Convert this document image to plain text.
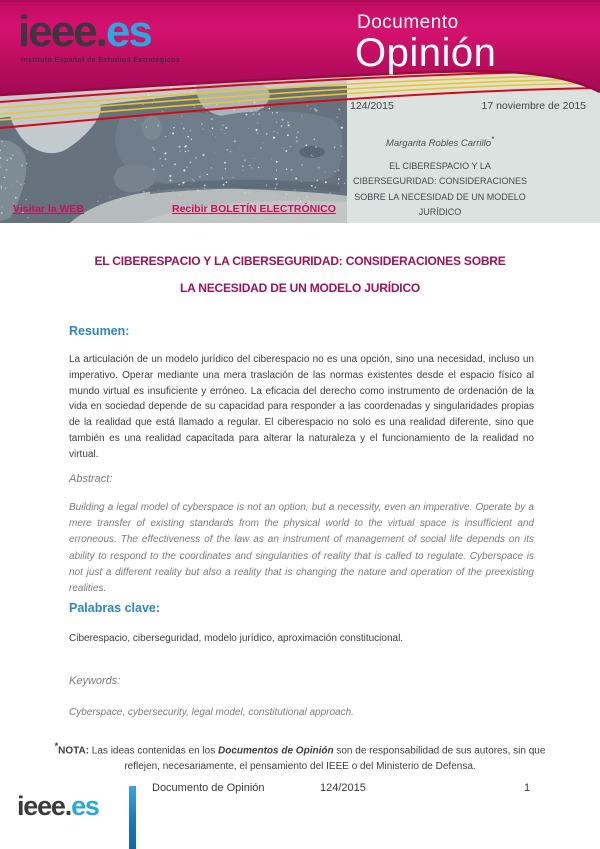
ieee.es
Instituto Español de Estudios Estratégicos
Documento
Opinión
Visitar la WEB	Recibir BOLETÍN ELECTRÓNICO
124/2015	17 noviembre de 2015
Margarita Robles Carrillo*
EL CIBERESPACIO Y LA
CIBERSEGURIDAD: CONSIDERACIONES
SOBRE LA NECESIDAD DE UN MODELO
JURÍDICO
EL CIBERESPACIO Y LA CIBERSEGURIDAD: CONSIDERACIONES SOBRE
LA NECESIDAD DE UN MODELO JURÍDICO
Resumen:
La articulación de un modelo jurídico del ciberespacio no es una opción, sino una necesidad, incluso un imperativo. Operar mediante una mera traslación de las normas existentes desde el espacio físico al mundo virtual es insuficiente y erróneo. La eficacia del derecho como instrumento de ordenación de la vida en sociedad depende de su capacidad para responder a las coordenadas y singularidades propias de la realidad que está llamado a regular. El ciberespacio no solo es una realidad diferente, sino que también es una realidad capacitada para alterar la naturaleza y el funcionamiento de la realidad no virtual.
Abstract:
Building a legal model of cyberspace is not an option, but a necessity, even an imperative. Operate by a mere transfer of existing standards from the physical world to the virtual space is insufficient and erroneous. The effectiveness of the law as an instrument of management of social life depends on its ability to respond to the coordinates and singularities of reality that is called to regulate. Cyberspace is not just a different reality but also a reality that is changing the nature and operation of the preexisting realities.
Palabras clave:
Ciberespacio, ciberseguridad, modelo jurídico, aproximación constitucional.
Keywords:
Cyberspace, cybersecurity, legal model, constitutional approach.
*NOTA: Las ideas contenidas en los Documentos de Opinión son de responsabilidad de sus autores, sin que reflejen, necesariamente, el pensamiento del IEEE o del Ministerio de Defensa.
ieee.es
Documento de Opinión	124/2015	1
